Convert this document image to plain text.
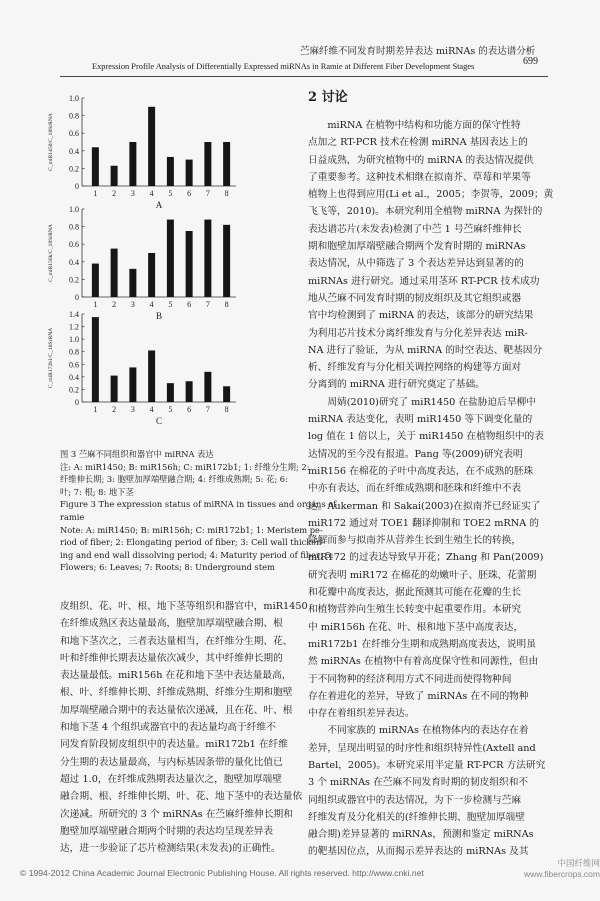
苎麻纤维不同发育时期差异表达 miRNAs 的表达谱分析
Expression Profile Analysis of Differentially Expressed miRNAs in Ramie at Different Fiber Development Stages	699
0
0.2
0.4
0.6
0.8
1.0
C_miR1450/C_18SrRNA
1 2 3 4 5 6 7 8
A
0
0.2
0.4
0.6
0.8
1.0
C_miR156h/C_18SrRNA
1 2 3 4 5 6 7 8
B
0
0.2
0.4
0.6
0.8
1.0
1.2
1.4
C_miR172b1/C_18SrRNA
1 2 3 4 5 6 7 8
C
图 3 苎麻不同组织和器官中 miRNA 表达
注: A: miR1450; B: miR156h; C: miR172b1; 1: 纤维分生期; 2:
纤维伸长期; 3: 胞壁加厚端壁融合期; 4: 纤维成熟期; 5: 花; 6:
叶; 7: 根; 8: 地下茎
Figure 3 The expression status of miRNA in tissues and organs of
ramie
Note: A: miR1450; B: miR156h; C: miR172b1; 1: Meristem pe-
riod of fiber; 2: Elongating period of fiber; 3: Cell wall thicken-
ing and end wall dissolving period; 4: Maturity period of fiber; 5:
Flowers; 6: Leaves; 7: Roots; 8: Underground stem
皮组织、花、叶、根、地下茎等组织和器官中，miR1450
在纤维成熟区表达量最高，胞壁加厚端壁融合期、根
和地下茎次之，三者表达量相当，在纤维分生期、花、
叶和纤维伸长期表达量依次减少，其中纤维伸长期的
表达量最低。miR156h 在花和地下茎中表达量最高，
根、叶、纤维伸长期、纤维成熟期、纤维分生期和胞壁
加厚端壁融合期中的表达量依次递减，且在花、叶、根
和地下茎 4 个组织或器官中的表达量均高于纤维不
同发育阶段韧皮组织中的表达量。miR172b1 在纤维
分生期的表达量最高，与内标基因条带的量化比值已
超过 1.0，在纤维成熟期表达量次之，胞壁加厚端壁
融合期、根、纤维伸长期、叶、花、地下茎中的表达量依
次递减。所研究的 3 个 miRNAs 在苎麻纤维伸长期和
胞壁加厚端壁融合期两个时期的表达均呈现差异表
达，进一步验证了芯片检测结果(未发表)的正确性。
2 讨论
　　miRNA 在植物中结构和功能方面的保守性特
点加之 RT-PCR 技术在检测 miRNA 基因表达上的
日益成熟，为研究植物中的 miRNA 的表达情况提供
了重要参考。这种技术相继在拟南芥、草莓和苹果等
植物上也得到应用(Li et al.，2005；李贺等，2009；黄
飞飞等，2010)。本研究利用全植物 miRNA 为探针的
表达谱芯片(未发表)检测了中苎 1 号苎麻纤维伸长
期和胞壁加厚端壁融合期两个发育时期的 miRNAs
表达情况，从中筛选了 3 个表达差异达到显著的的
miRNAs 进行研究。通过采用茎环 RT-PCR 技术成功
地从苎麻不同发育时期的韧皮组织及其它组织或器
官中均检测到了 miRNA 的表达，该部分的研究结果
为利用芯片技术分离纤维发育与分化差异表达 miR-
NA 进行了验证，为从 miRNA 的时空表达、靶基因分
析、纤维发育与分化相关调控网络的构建等方面对
分离到的 miRNA 进行研究奠定了基础。
　　周婧(2010)研究了 miR1450 在盐胁迫后旱柳中
miRNA 表达变化，表明 miR1450 等下调变化量的
log 值在 1 倍以上，关于 miR1450 在植物组织中的表
达情况的至今没有报道。Pang 等(2009)研究表明
miR156 在棉花的子叶中高度表达，在不成熟的胚珠
中亦有表达，而在纤维成熟期和胚珠和纤维中不表
达。Aukerman 和 Sakai(2003)在拟南芥已经证实了
miR172 通过对 TOE1 翻译抑制和 TOE2 mRNA 的
降解而参与拟南芥从营养生长到生殖生长的转换，
miR172 的过表达导致早开花；Zhang 和 Pan(2009)
研究表明 miR172 在棉花的幼嫩叶子、胚珠、花蕾期
和花瓣中高度表达，据此预测其可能在花瓣的生长
和植物营养向生殖生长转变中起重要作用。本研究
中 miR156h 在花、叶、根和地下茎中高度表达，
miR172b1 在纤维分生期和成熟期高度表达，说明虽
然 miRNAs 在植物中有着高度保守性和同源性，但由
于不同物种的经济利用方式不同进而使得物种间
存在着进化的差异，导致了 miRNAs 在不同的物种
中存在着组织差异表达。
　　不同家族的 miRNAs 在植物体内的表达存在着
差异，呈现出明显的时序性和组织特异性(Axtell and
Bartel，2005)。本研究采用半定量 RT-PCR 方法研究
3 个 miRNAs 在苎麻不同发育时期的韧皮组织和不
同组织或器官中的表达情况，为下一步检测与苎麻
纤维发育及分化相关的(纤维伸长期、胞壁加厚端壁
融合期)差异显著的 miRNAs，预测和鉴定 miRNAs
的靶基因位点，从而揭示差异表达的 miRNAs 及其
© 1994-2012 China Academic Journal Electronic Publishing House. All rights reserved. http://www.cnki.net
中国纤维网 www.fibercrops.com
